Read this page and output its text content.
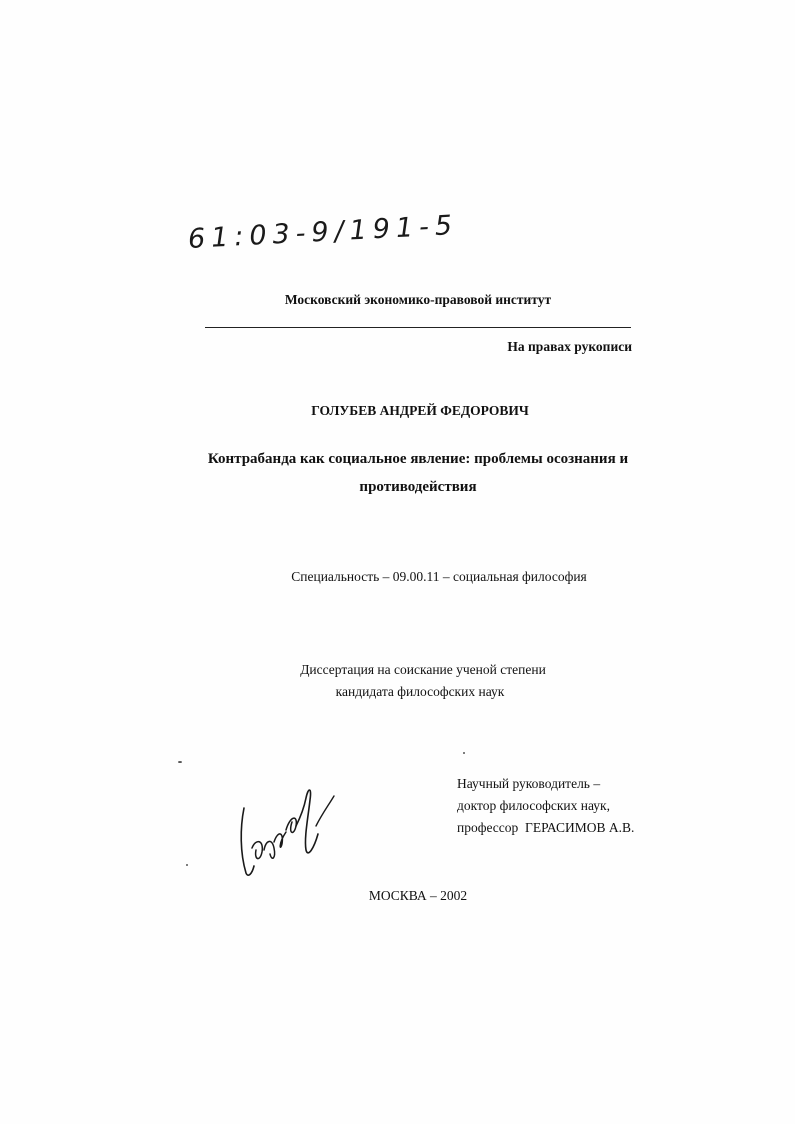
61:03-9/191-5
Московский экономико-правовой институт
На правах рукописи
ГОЛУБЕВ АНДРЕЙ ФЕДОРОВИЧ
Контрабанда как социальное явление: проблемы осознания и
противодействия
Специальность – 09.00.11 – социальная философия
Диссертация на соискание ученой степени
кандидата философских наук
Научный руководитель –
доктор философских наук,
профессор  ГЕРАСИМОВ А.В.
МОСКВА – 2002
